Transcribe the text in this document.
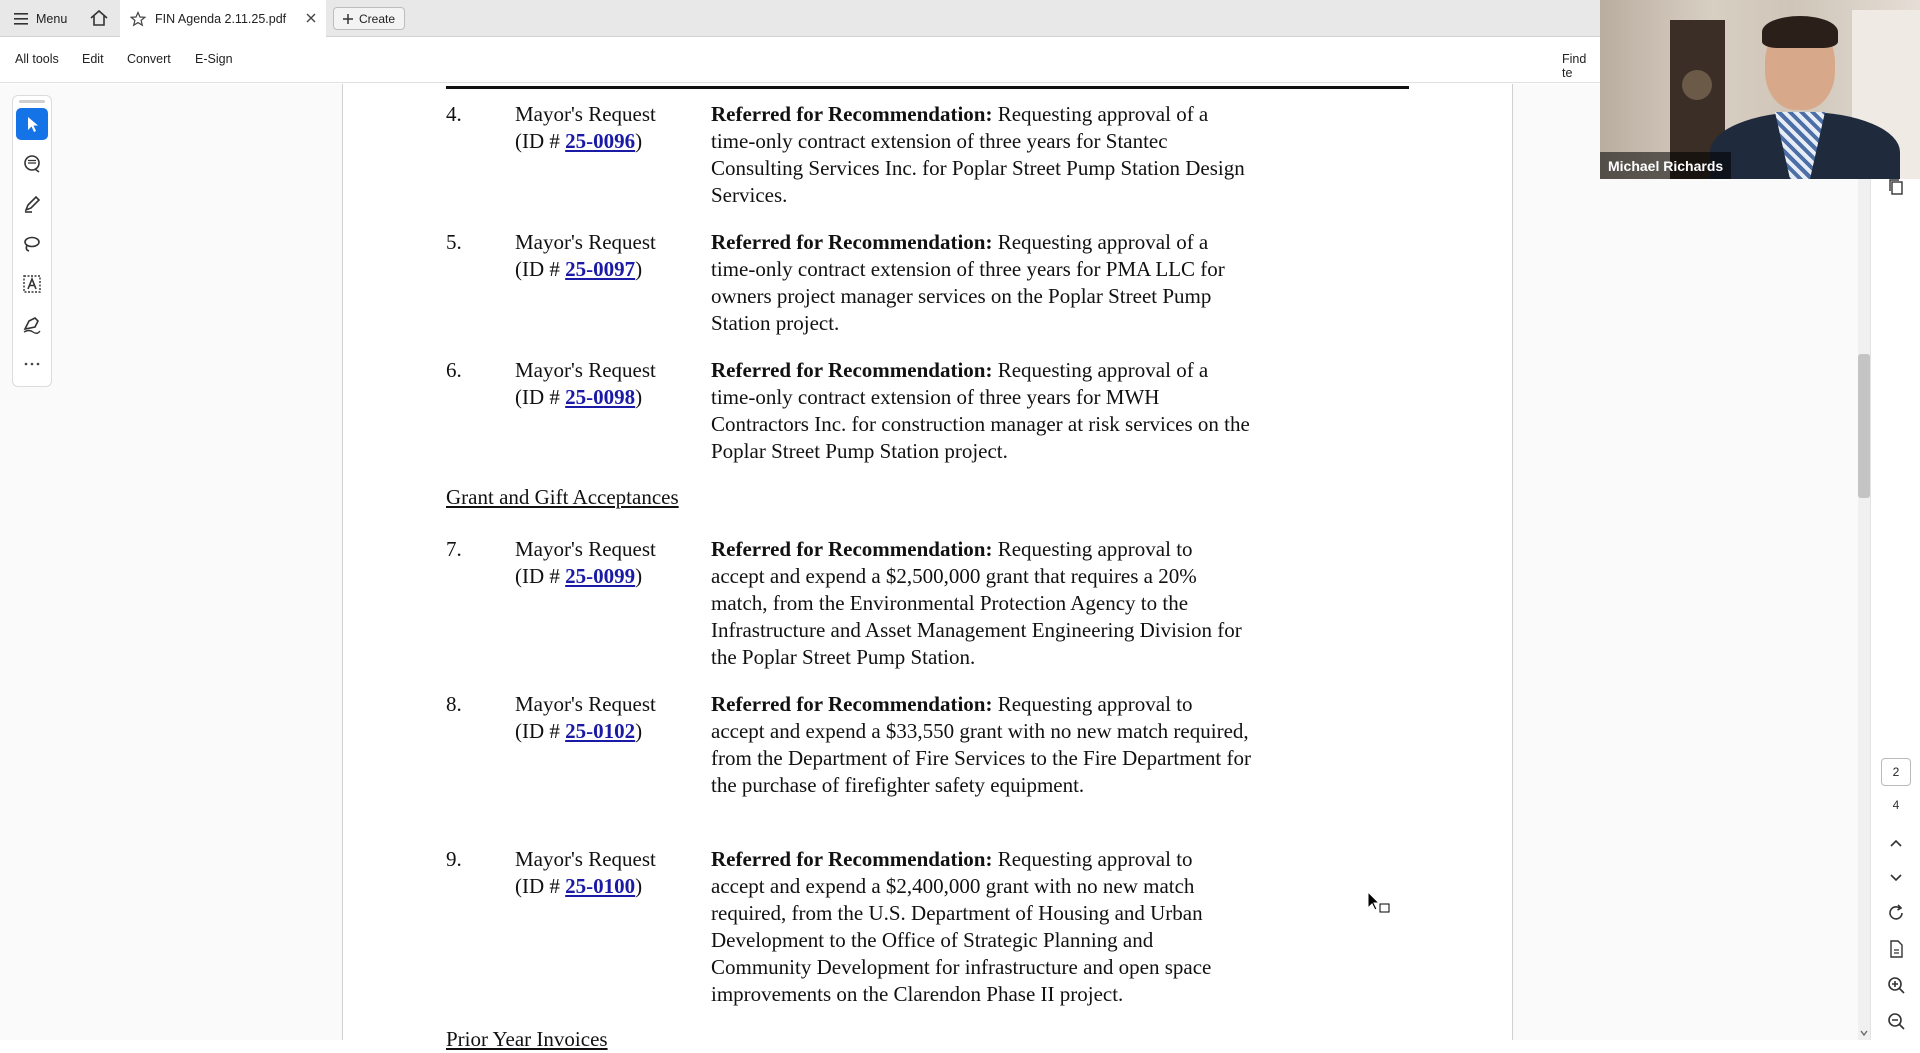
Menu	FIN Agenda 2.11.25.pdf	Create
All tools Edit Convert E-Sign	Find te
4.	Mayor's Request
(ID # 25-0096)
Referred for Recommendation: Requesting approval of a time-only contract extension of three years for Stantec Consulting Services Inc. for Poplar Street Pump Station Design Services.
5.	Mayor's Request
(ID # 25-0097)
Referred for Recommendation: Requesting approval of a time-only contract extension of three years for PMA LLC for owners project manager services on the Poplar Street Pump Station project.
6.	Mayor's Request
(ID # 25-0098)
Referred for Recommendation: Requesting approval of a time-only contract extension of three years for MWH Contractors Inc. for construction manager at risk services on the Poplar Street Pump Station project.
Grant and Gift Acceptances
7.	Mayor's Request
(ID # 25-0099)
Referred for Recommendation: Requesting approval to accept and expend a $2,500,000 grant that requires a 20% match, from the Environmental Protection Agency to the Infrastructure and Asset Management Engineering Division for the Poplar Street Pump Station.
8.	Mayor's Request
(ID # 25-0102)
Referred for Recommendation: Requesting approval to accept and expend a $33,550 grant with no new match required, from the Department of Fire Services to the Fire Department for the purchase of firefighter safety equipment.
9.	Mayor's Request
(ID # 25-0100)
Referred for Recommendation: Requesting approval to accept and expend a $2,400,000 grant with no new match required, from the U.S. Department of Housing and Urban Development to the Office of Strategic Planning and Community Development for infrastructure and open space improvements on the Clarendon Phase II project.
Prior Year Invoices
2
4
Michael Richards
